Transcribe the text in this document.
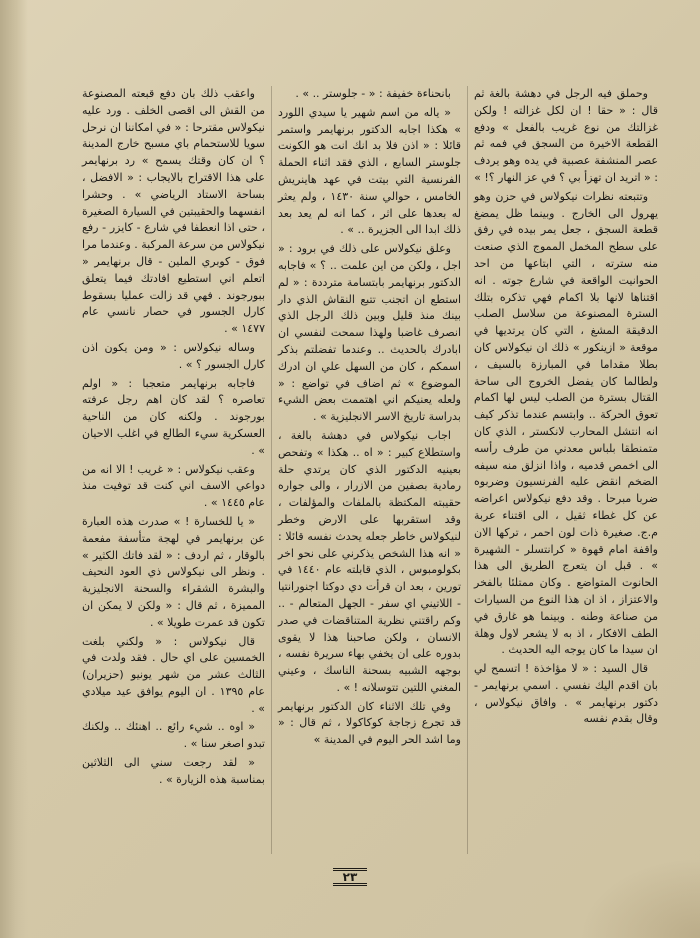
وحملق فيه الرجل في دهشة بالغة ثم قال : « حقا ! ان لكل غزالته ! ولكن غزالتك من نوع غريب بالفعل » ودفع القطعة الاخيرة من السجق في فمه ثم عصر المنشفة عصبية في يده وهو يردف : « اتريد ان تهزأ بي ؟ في عز النهار ؟! »

وتتبعته نظرات نيكولاس في حزن وهو يهرول الى الخارج . وبينما ظل يمضغ قطعة السجق ، جعل يمر بيده في رفق على سطح المخمل المموج الذي صنعت منه سترته ، التي ابتاعها من احد الحوانيت الواقعة في شارع جوته . انه اقتناها لانها بلا اكمام فهي تذكره بتلك السترة المصنوعة من سلاسل الصلب الدقيقة المشغ ، التي كان يرتديها في موقعة « ازينكور » ذلك ان نيكولاس كان بطلا مقداما في المبارزة بالسيف ، ولطالما كان يفضل الخروج الى ساحة القتال بسترة من الصلب ليس لها اكمام تعوق الحركة .. وابتسم عندما تذكر كيف انه انتشل المحارب لانكستر ، الذي كان متمنطقا بلباس معدني من طرف رأسه الى اخمص قدميه ، واذا انزلق منه سيفه الضخم انقض عليه الفرنسيون وضربوه ضربا مبرحا . وقد دفع نيكولاس اعراضه عن كل غطاء ثقيل ، الى اقتناء عربة م.ج. صغيرة ذات لون احمر ، تركها الان واقفة امام قهوة « كرانتسلر - الشهيرة » . قبل ان يتعرج الطريق الى هذا الحانوت المتواضع . وكان ممتلئا بالفخر والاعتزاز ، اذ ان هذا النوع من السيارات من صناعة وطنه . وبينما هو غارق في الطف الافكار ، اذ به لا يشعر لاول وهلة ان سيدا ما كان يوجه اليه الحديث .

قال السيد : « لا مؤاخذة ! اتسمح لي بان اقدم اليك نفسي . اسمي برنهايمر - دكتور برنهايمر » . وافاق نيكولاس ، وقال بقدم نفسه

بانحناءة خفيفة : « - جلوستر .. » .

« ياله من اسم شهير يا سيدي اللورد » هكذا اجابه الدكتور برنهايمر واستمر قائلا : « اذن فلا بد انك انت هو الكونت جلوستر السابع ، الذي فقد اثناء الحملة الفرنسية التي بيتت في عهد هاينريش الخامس ، حوالي سنة ١٤٣٠ ، ولم يعثر له بعدها على اثر ، كما انه لم يعد بعد ذلك ابدا الى الجزيرة .. » .

وعلق نيكولاس على ذلك في برود : « اجل ، ولكن من اين علمت .. ؟ » فاجابه الدكتور برنهايمر بابتسامة مترددة : « لم استطع ان اتجنب تتبع النقاش الذي دار بينك منذ قليل وبين ذلك الرجل الذي انصرف غاضبا ولهذا سمحت لنفسي ان ابادرك بالحديث .. وعندما تفضلتم بذكر اسمكم ، كان من السهل علي ان ادرك الموضوع » ثم اضاف في تواضع : « ولعله يعنيكم اني اهتممت بعض الشيء بدراسة تاريخ الاسر الانجليزية » .

اجاب نيكولاس في دهشة بالغة ، واستطلاع كبير : « اه .. هكذا » وتفحص بعينيه الدكتور الذي كان يرتدي حلة رمادية بصفين من الازرار ، والى جواره حقيبته المكتظة بالملفات والمؤلفات ، وقد استقربها على الارض وخطر لنيكولاس خاطر جعله يحدث نفسه قائلا : « انه هذا الشخص يذكرني على نحو اخر بكولومبوس ، الذي قابلته عام ١٤٤٠ في تورين ، بعد ان قرأت دي دوكتا اجنورانتيا - اللاتيني اي سفر - الجهل المتعالم - .. وكم راقتني نظرية المتناقضات في صدر الانسان ، ولكن صاحبنا هذا لا يقوى بدوره على ان يخفي بهاء سريرة نفسه ، بوجهه الشبيه بسحنة الناسك ، وعيني المغني اللتين تتوسلانه ! » .

وفي تلك الاثناء كان الدكتور برنهايمر قد تجرع زجاجة كوكاكولا ، ثم قال : « وما اشد الحر اليوم في المدينة »

واعقب ذلك بان دفع قبعته المصنوعة من القش الى اقصى الخلف . ورد عليه نيكولاس مقترحا : « في امكاننا ان نرحل سويا للاستحمام باي مسبح خارج المدينة ؟ ان كان وقتك يسمح » رد برنهايمر على هذا الاقتراح بالايجاب : « الافضل ، بساحة الاستاد الرياضي » . وحشرا انفسهما والحقيبتين في السيارة الصغيرة ، حتى اذا انعطفا في شارع - كايزر - رفع نيكولاس من سرعة المركبة . وعندما مرا فوق - كوبري الملين - قال برنهايمر « اتعلم اني استطيع افادتك فيما يتعلق ببورجوند . فهي قد زالت عمليا بسقوط كارل الجسور في حصار نانسي عام ١٤٧٧ » .

وساله نيكولاس : « ومن يكون اذن كارل الجسور ؟ » .

فاجابه برنهايمر متعجبا : « اولم تعاصره ؟ لقد كان اهم رجل عرفته بورجوند . ولكنه كان من الناحية العسكرية سيء الطالع في اغلب الاحيان » .

وعقب نيكولاس : « غريب ! الا انه من دواعي الاسف اني كنت قد توفيت منذ عام ١٤٤٥ » .

« يا للخسارة ! » صدرت هذه العبارة عن برنهايمر في لهجة متأسفة مفعمة بالوقار ، ثم اردف : « لقد فاتك الكثير » . ونظر الى نيكولاس ذي العود النحيف والبشرة الشقراء والسحنة الانجليزية المميزة ، ثم قال : « ولكن لا يمكن ان تكون قد عمرت طويلا » .

قال نيكولاس : « ولكني بلغت الخمسين على اي حال . فقد ولدت في الثالث عشر من شهر يونيو (حزيران) عام ١٣٩٥ . ان اليوم يوافق عيد ميلادي » .

« اوه .. شيء رائع .. اهنئك .. ولكنك تبدو اصغر سنا » .

« لقد رجعت سني الى الثلاثين بمناسبة هذه الزيارة » .

٢٣
